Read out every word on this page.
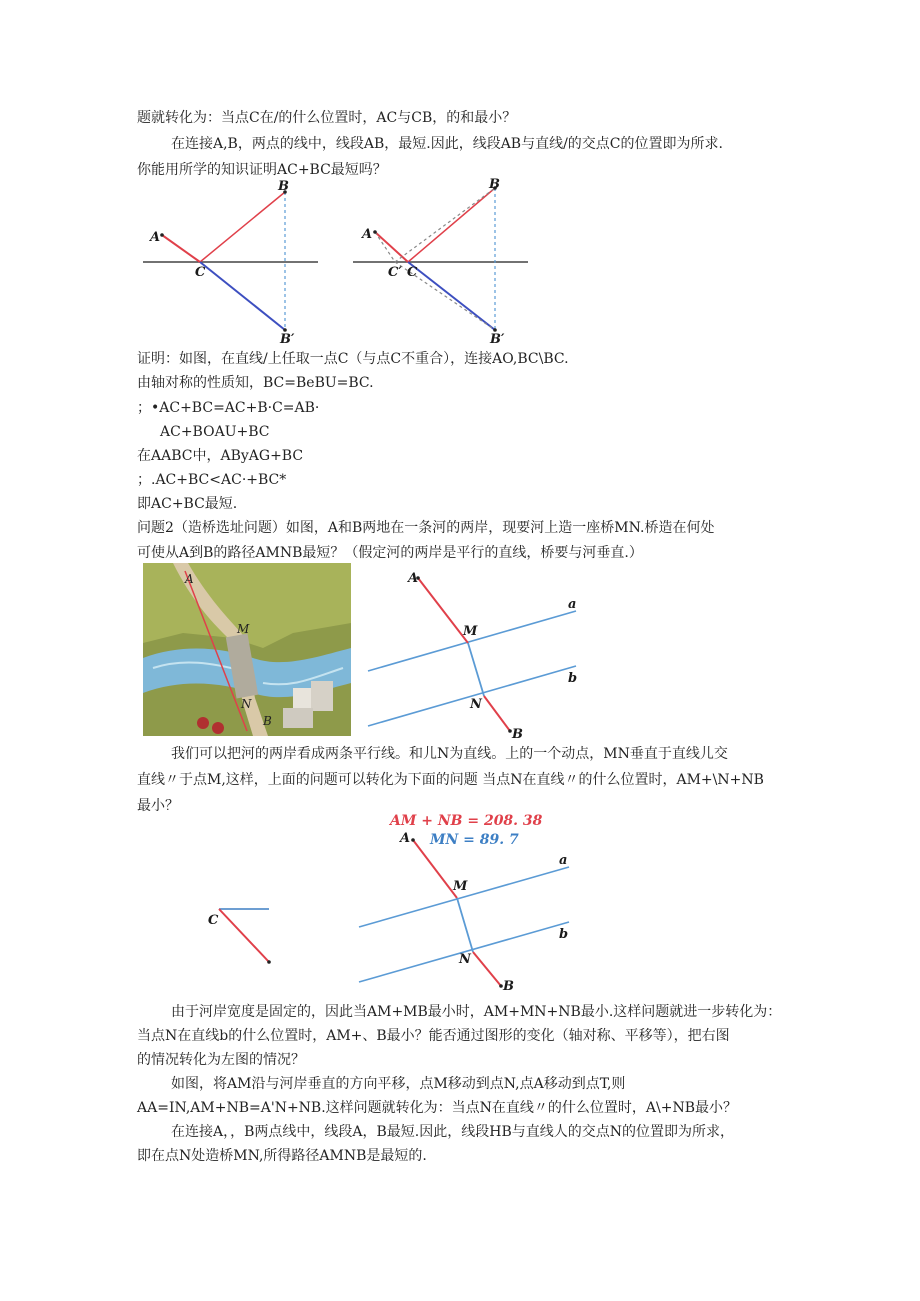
题就转化为：当点C在/的什么位置时，AC与CB，的和最小？
在连接A,B，两点的线中，线段AB，最短.因此，线段AB与直线/的交点C的位置即为所求.
你能用所学的知识证明AC+BC最短吗？
A
B
B′
C
A
B
B′
C′ C
证明：如图，在直线/上任取一点C（与点C不重合），连接AO,BC\BC.
由轴对称的性质知，BC=BeBU=BC.
；•AC+BC=AC+B·C=AB·
AC+BOAU+BC
在AABC中，AByAG+BC
；.AC+BC<AC·+BC*
即AC+BC最短.
问题2（造桥选址问题）如图，A和B两地在一条河的两岸，现要河上造一座桥MN.桥造在何处
可使从A到B的路径AMNB最短？（假定河的两岸是平行的直线，桥要与河垂直.）
A
M
N
B
A
M
N
B
a
b
我们可以把河的两岸看成两条平行线。和儿N为直线。上的一个动点，MN垂直于直线儿交
直线〃于点M,这样，上面的问题可以转化为下面的问题 当点N在直线〃的什么位置时，AM+\N+NB
最小？
C
AM + NB = 208. 38
MN = 89. 7
A
M
N
B
a
b
由于河岸宽度是固定的，因此当AM+MB最小时，AM+MN+NB最小.这样问题就进一步转化为：
当点N在直线b的什么位置时，AM+、B最小？能否通过图形的变化（轴对称、平移等），把右图
的情况转化为左图的情况？
如图，将AM沿与河岸垂直的方向平移，点M移动到点N,点A移动到点T,则
AA=IN,AM+NB=A'N+NB.这样问题就转化为：当点N在直线〃的什么位置时，A\+NB最小？
在连接A，，B两点线中，线段A，B最短.因此，线段HB与直线人的交点N的位置即为所求，
即在点N处造桥MN,所得路径AMNB是最短的.
